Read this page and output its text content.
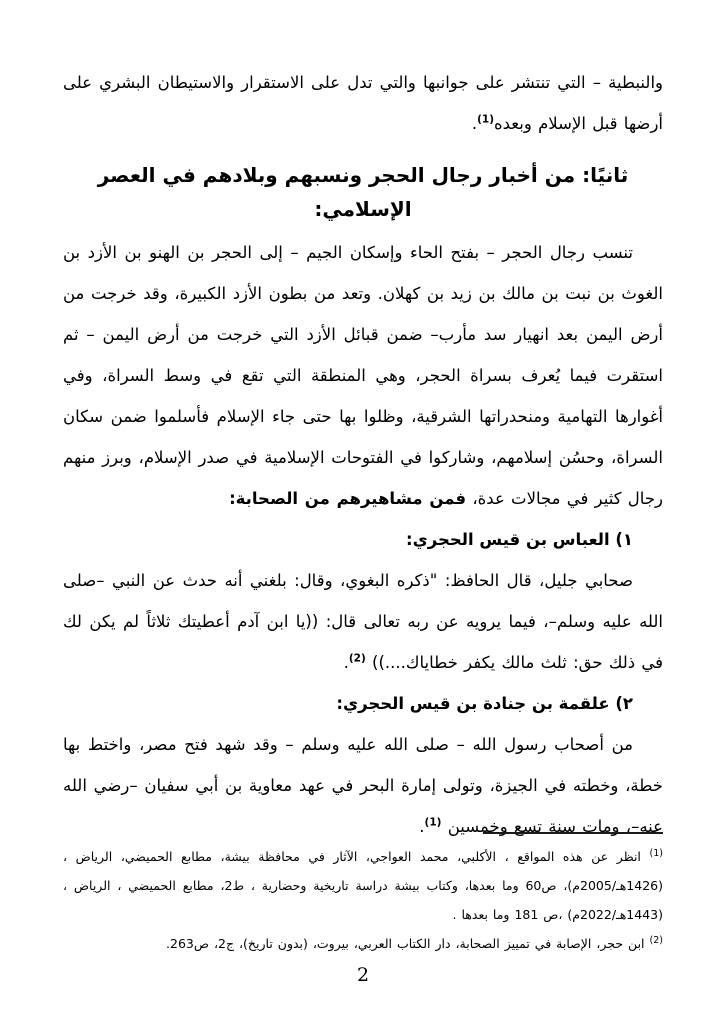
والنبطية – التي تنتشر على جوانبها والتي تدل على الاستقرار والاستيطان البشري على أرضها قبل الإسلام وبعده$^{(1)}$.

ثانيًا: من أخبار رجال الحجر ونسبهم وبلادهم في العصر الإسلامي:

تنسب رجال الحجر – بفتح الحاء وإسكان الجيم – إلى الحجر بن الهنو بن الأزد بن الغوث بن نبت بن مالك بن زيد بن كهلان. وتعد من بطون الأزد الكبيرة، وقد خرجت من أرض اليمن بعد انهيار سد مأرب– ضمن قبائل الأزد التي خرجت من أرض اليمن – ثم استقرت فيما يُعرف بسراة الحجر، وهي المنطقة التي تقع في وسط السراة، وفي أغوارها التهامية ومنحدراتها الشرقية، وظلوا بها حتى جاء الإسلام فأسلموا ضمن سكان السراة، وحسُن إسلامهم، وشاركوا في الفتوحات الإسلامية في صدر الإسلام، وبرز منهم رجال كثير في مجالات عدة، فمن مشاهيرهم من الصحابة:

١) العباس بن قيس الحجري:

صحابي جليل، قال الحافظ: "ذكره البغوي، وقال: بلغني أنه حدث عن النبي –صلى الله عليه وسلم–، فيما يرويه عن ربه تعالى قال: ((يا ابن آدم أعطيتك ثلاثاً لم يكن لك في ذلك حق: ثلث مالك يكفر خطاياك....)) $^{(2)}$.

٢) علقمة بن جنادة بن قيس الحجري:

من أصحاب رسول الله – صلى الله عليه وسلم – وقد شهد فتح مصر، واختط بها خطة، وخطته في الجيزة، وتولى إمارة البحر في عهد معاوية بن أبي سفيان –رضي الله عنه–، ومات سنة تسع وخمسين $^{(1)}$.

$^{(1)}$ انظر عن هذه المواقع ، الأكلبي، محمد العواجي، الآثار في محافظة بيشة، مطابع الحميضي، الرياض ،(1426هـ/2005م)، ص60 وما بعدها، وكتاب بيشة دراسة تاريخية وحضارية ، ط2، مطابع الحميضي ، الرياض ،(1443هـ/2022م) ،ص 181 وما بعدها .

$^{(2)}$ ابن حجر، الإصابة في تمييز الصحابة، دار الكتاب العربي، بيروت، (بدون تاريخ)، ج2، ص263.

2
